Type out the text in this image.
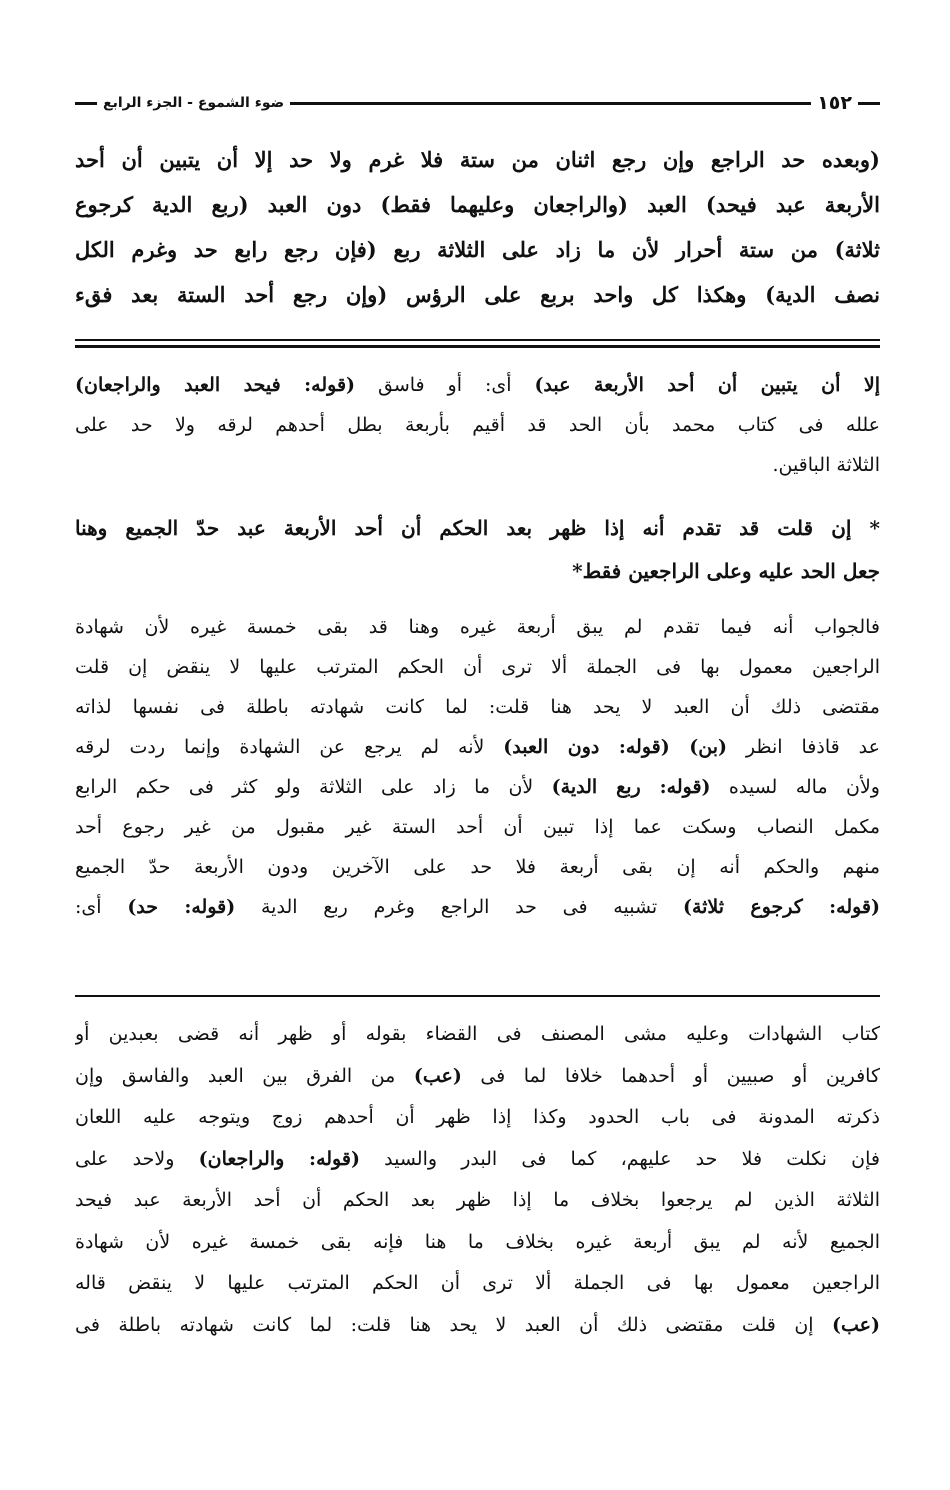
١٥٢
ضوء الشموع - الجزء الرابع
(وبعده حد الراجع وإن رجع اثنان من ستة فلا غرم ولا حد إلا أن يتبين أن أحد
الأربعة عبد فيحد) العبد (والراجعان وعليهما فقط) دون العبد (ربع الدية كرجوع
ثلاثة) من ستة أحرار لأن ما زاد على الثلاثة ربع (فإن رجع رابع حد وغرم الكل
نصف الدية) وهكذا كل واحد بربع على الرؤس (وإن رجع أحد الستة بعد فقء
إلا أن يتبين أن أحد الأربعة عبد) أى: أو فاسق (قوله: فيحد العبد والراجعان)
علله فى كتاب محمد بأن الحد قد أقيم بأربعة بطل أحدهم لرقه ولا حد على
الثلاثة الباقين.
* إن قلت قد تقدم أنه إذا ظهر بعد الحكم أن أحد الأربعة عبد حدّ الجميع وهنا
جعل الحد عليه وعلى الراجعين فقط*
فالجواب أنه فيما تقدم لم يبق أربعة غيره وهنا قد بقى خمسة غيره لأن شهادة
الراجعين معمول بها فى الجملة ألا ترى أن الحكم المترتب عليها لا ينقض إن قلت
مقتضى ذلك أن العبد لا يحد هنا قلت: لما كانت شهادته باطلة فى نفسها لذاته
عد قاذفا انظر (بن) (قوله: دون العبد) لأنه لم يرجع عن الشهادة وإنما ردت لرقه
ولأن ماله لسيده (قوله: ربع الدية) لأن ما زاد على الثلاثة ولو كثر فى حكم الرابع
مكمل النصاب وسكت عما إذا تبين أن أحد الستة غير مقبول من غير رجوع أحد
منهم والحكم أنه إن بقى أربعة فلا حد على الآخرين ودون الأربعة حدّ الجميع
(قوله: كرجوع ثلاثة) تشبيه فى حد الراجع وغرم ربع الدية (قوله: حد) أى:
كتاب الشهادات وعليه مشى المصنف فى القضاء بقوله أو ظهر أنه قضى بعبدين أو
كافرين أو صبيين أو أحدهما خلافا لما فى (عب) من الفرق بين العبد والفاسق وإن
ذكرته المدونة فى باب الحدود وكذا إذا ظهر أن أحدهم زوج ويتوجه عليه اللعان
فإن نكلت فلا حد عليهم، كما فى البدر والسيد (قوله: والراجعان) ولاحد على
الثلاثة الذين لم يرجعوا بخلاف ما إذا ظهر بعد الحكم أن أحد الأربعة عبد فيحد
الجميع لأنه لم يبق أربعة غيره بخلاف ما هنا فإنه بقى خمسة غيره لأن شهادة
الراجعين معمول بها فى الجملة ألا ترى أن الحكم المترتب عليها لا ينقض قاله
(عب) إن قلت مقتضى ذلك أن العبد لا يحد هنا قلت: لما كانت شهادته باطلة فى
